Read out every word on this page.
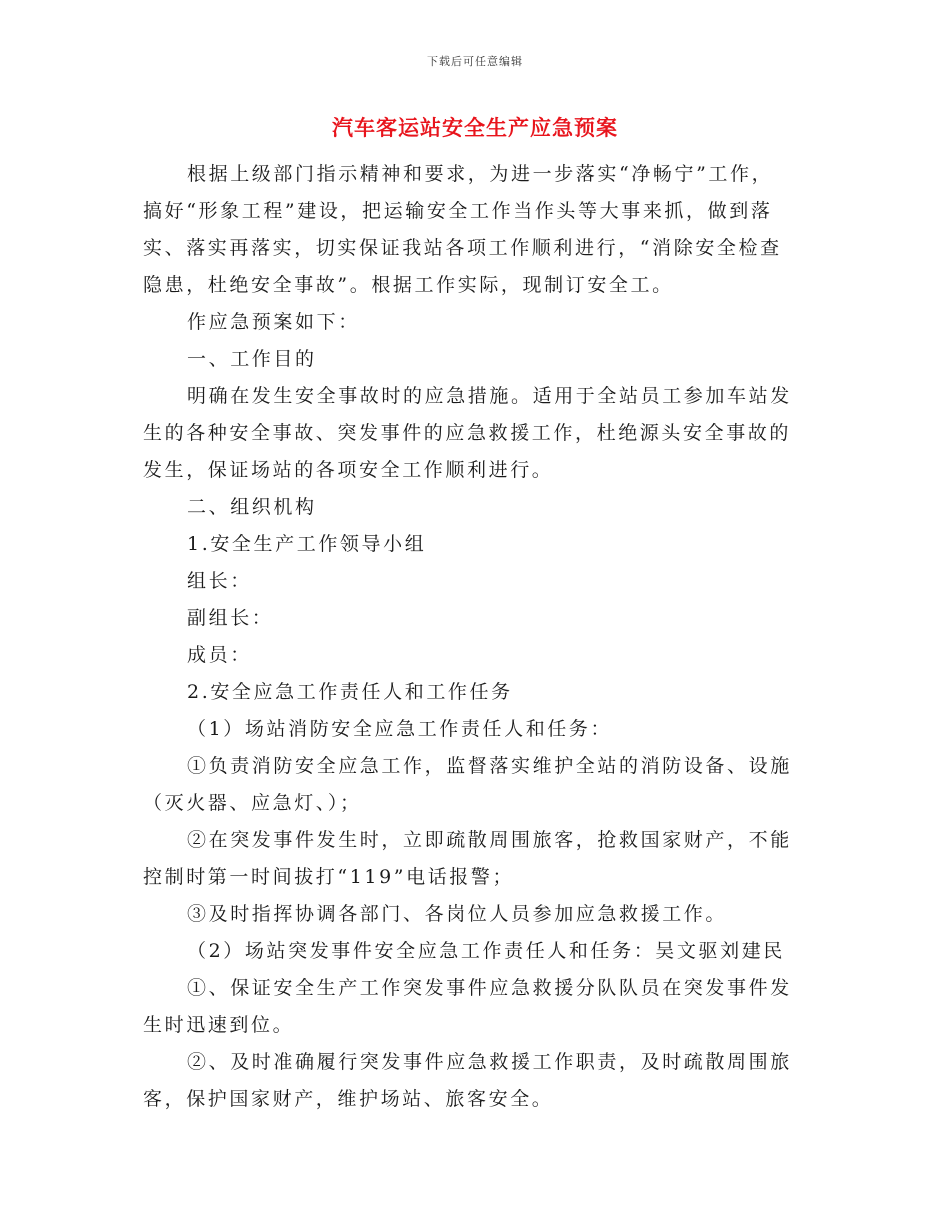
下载后可任意编辑
汽车客运站安全生产应急预案

根据上级部门指示精神和要求，为进一步落实“净畅宁”工作，
搞好“形象工程”建设，把运输安全工作当作头等大事来抓，做到落
实、落实再落实，切实保证我站各项工作顺利进行，“消除安全检查
隐患，杜绝安全事故”。根据工作实际，现制订安全工。

作应急预案如下：

一、工作目的

明确在发生安全事故时的应急措施。适用于全站员工参加车站发
生的各种安全事故、突发事件的应急救援工作，杜绝源头安全事故的
发生，保证场站的各项安全工作顺利进行。

二、组织机构

1.安全生产工作领导小组

组长：

副组长：

成员：

2.安全应急工作责任人和工作任务

（1）场站消防安全应急工作责任人和任务：

①负责消防安全应急工作，监督落实维护全站的消防设备、设施
（灭火器、应急灯、）；

②在突发事件发生时，立即疏散周围旅客，抢救国家财产，不能
控制时第一时间拔打“119”电话报警；

③及时指挥协调各部门、各岗位人员参加应急救援工作。

（2）场站突发事件安全应急工作责任人和任务：吴文驱刘建民

①、保证安全生产工作突发事件应急救援分队队员在突发事件发
生时迅速到位。

②、及时准确履行突发事件应急救援工作职责，及时疏散周围旅
客，保护国家财产，维护场站、旅客安全。
